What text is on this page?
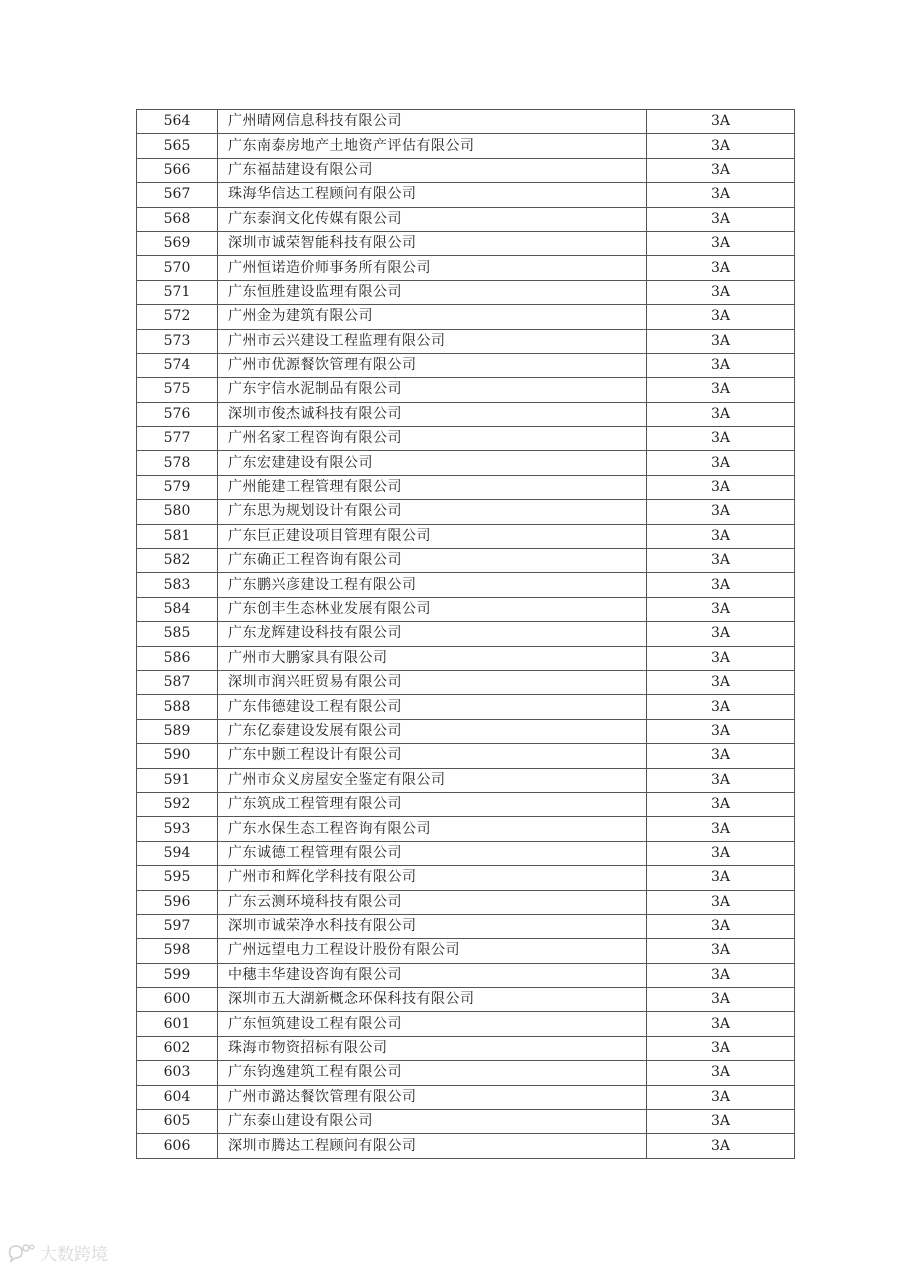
564	广州晴网信息科技有限公司	3A
565	广东南泰房地产土地资产评估有限公司	3A
566	广东福喆建设有限公司	3A
567	珠海华信达工程顾问有限公司	3A
568	广东泰润文化传媒有限公司	3A
569	深圳市诚荣智能科技有限公司	3A
570	广州恒诺造价师事务所有限公司	3A
571	广东恒胜建设监理有限公司	3A
572	广州金为建筑有限公司	3A
573	广州市云兴建设工程监理有限公司	3A
574	广州市优源餐饮管理有限公司	3A
575	广东宇信水泥制品有限公司	3A
576	深圳市俊杰诚科技有限公司	3A
577	广州名家工程咨询有限公司	3A
578	广东宏建建设有限公司	3A
579	广州能建工程管理有限公司	3A
580	广东思为规划设计有限公司	3A
581	广东巨正建设项目管理有限公司	3A
582	广东确正工程咨询有限公司	3A
583	广东鹏兴彦建设工程有限公司	3A
584	广东创丰生态林业发展有限公司	3A
585	广东龙辉建设科技有限公司	3A
586	广州市大鹏家具有限公司	3A
587	深圳市润兴旺贸易有限公司	3A
588	广东伟德建设工程有限公司	3A
589	广东亿泰建设发展有限公司	3A
590	广东中颢工程设计有限公司	3A
591	广州市众义房屋安全鉴定有限公司	3A
592	广东筑成工程管理有限公司	3A
593	广东水保生态工程咨询有限公司	3A
594	广东诚德工程管理有限公司	3A
595	广州市和辉化学科技有限公司	3A
596	广东云测环境科技有限公司	3A
597	深圳市诚荣净水科技有限公司	3A
598	广州远望电力工程设计股份有限公司	3A
599	中穗丰华建设咨询有限公司	3A
600	深圳市五大湖新概念环保科技有限公司	3A
601	广东恒筑建设工程有限公司	3A
602	珠海市物资招标有限公司	3A
603	广东钧逸建筑工程有限公司	3A
604	广州市潞达餐饮管理有限公司	3A
605	广东泰山建设有限公司	3A
606	深圳市腾达工程顾问有限公司	3A
大数跨境
